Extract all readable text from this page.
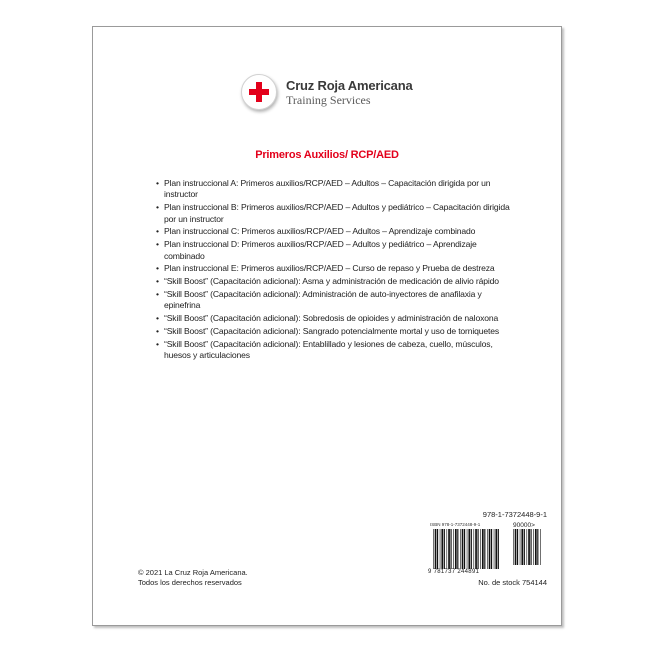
Cruz Roja Americana
Training Services
Primeros Auxilios/ RCP/AED
• Plan instruccional A: Primeros auxilios/RCP/AED – Adultos – Capacitación dirigida por un instructor
• Plan instruccional B: Primeros auxilios/RCP/AED – Adultos y pediátrico – Capacitación dirigida por un instructor
• Plan instruccional C: Primeros auxilios/RCP/AED – Adultos – Aprendizaje combinado
• Plan instruccional D: Primeros auxilios/RCP/AED – Adultos y pediátrico – Aprendizaje combinado
• Plan instruccional E: Primeros auxilios/RCP/AED – Curso de repaso y Prueba de destreza
• “Skill Boost” (Capacitación adicional): Asma y administración de medicación de alivio rápido
• “Skill Boost” (Capacitación adicional): Administración de auto-inyectores de anafilaxia y epinefrina
• “Skill Boost” (Capacitación adicional): Sobredosis de opioides y administración de naloxona
• “Skill Boost” (Capacitación adicional): Sangrado potencialmente mortal y uso de torniquetes
• “Skill Boost” (Capacitación adicional): Entablillado y lesiones de cabeza, cuello, músculos, huesos y articulaciones
978-1-7372448-9-1
ISBN 978-1-7372448-9-1	90000>
9 781737 244891
© 2021 La Cruz Roja Americana.
Todos los derechos reservados	No. de stock 754144
